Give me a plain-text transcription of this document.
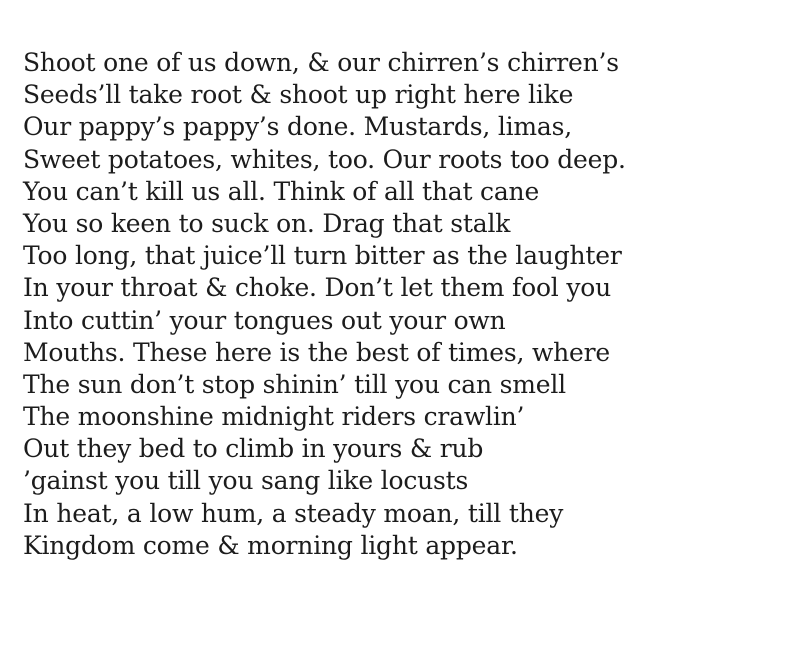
Shoot one of us down, & our chirren’s chirren’s
Seeds’ll take root & shoot up right here like
Our pappy’s pappy’s done. Mustards, limas,
Sweet potatoes, whites, too. Our roots too deep.
You can’t kill us all. Think of all that cane
You so keen to suck on. Drag that stalk
Too long, that juice’ll turn bitter as the laughter
In your throat & choke. Don’t let them fool you
Into cuttin’ your tongues out your own
Mouths. These here is the best of times, where
The sun don’t stop shinin’ till you can smell
The moonshine midnight riders crawlin’
Out they bed to climb in yours & rub
’gainst you till you sang like locusts
In heat, a low hum, a steady moan, till they
Kingdom come & morning light appear.
